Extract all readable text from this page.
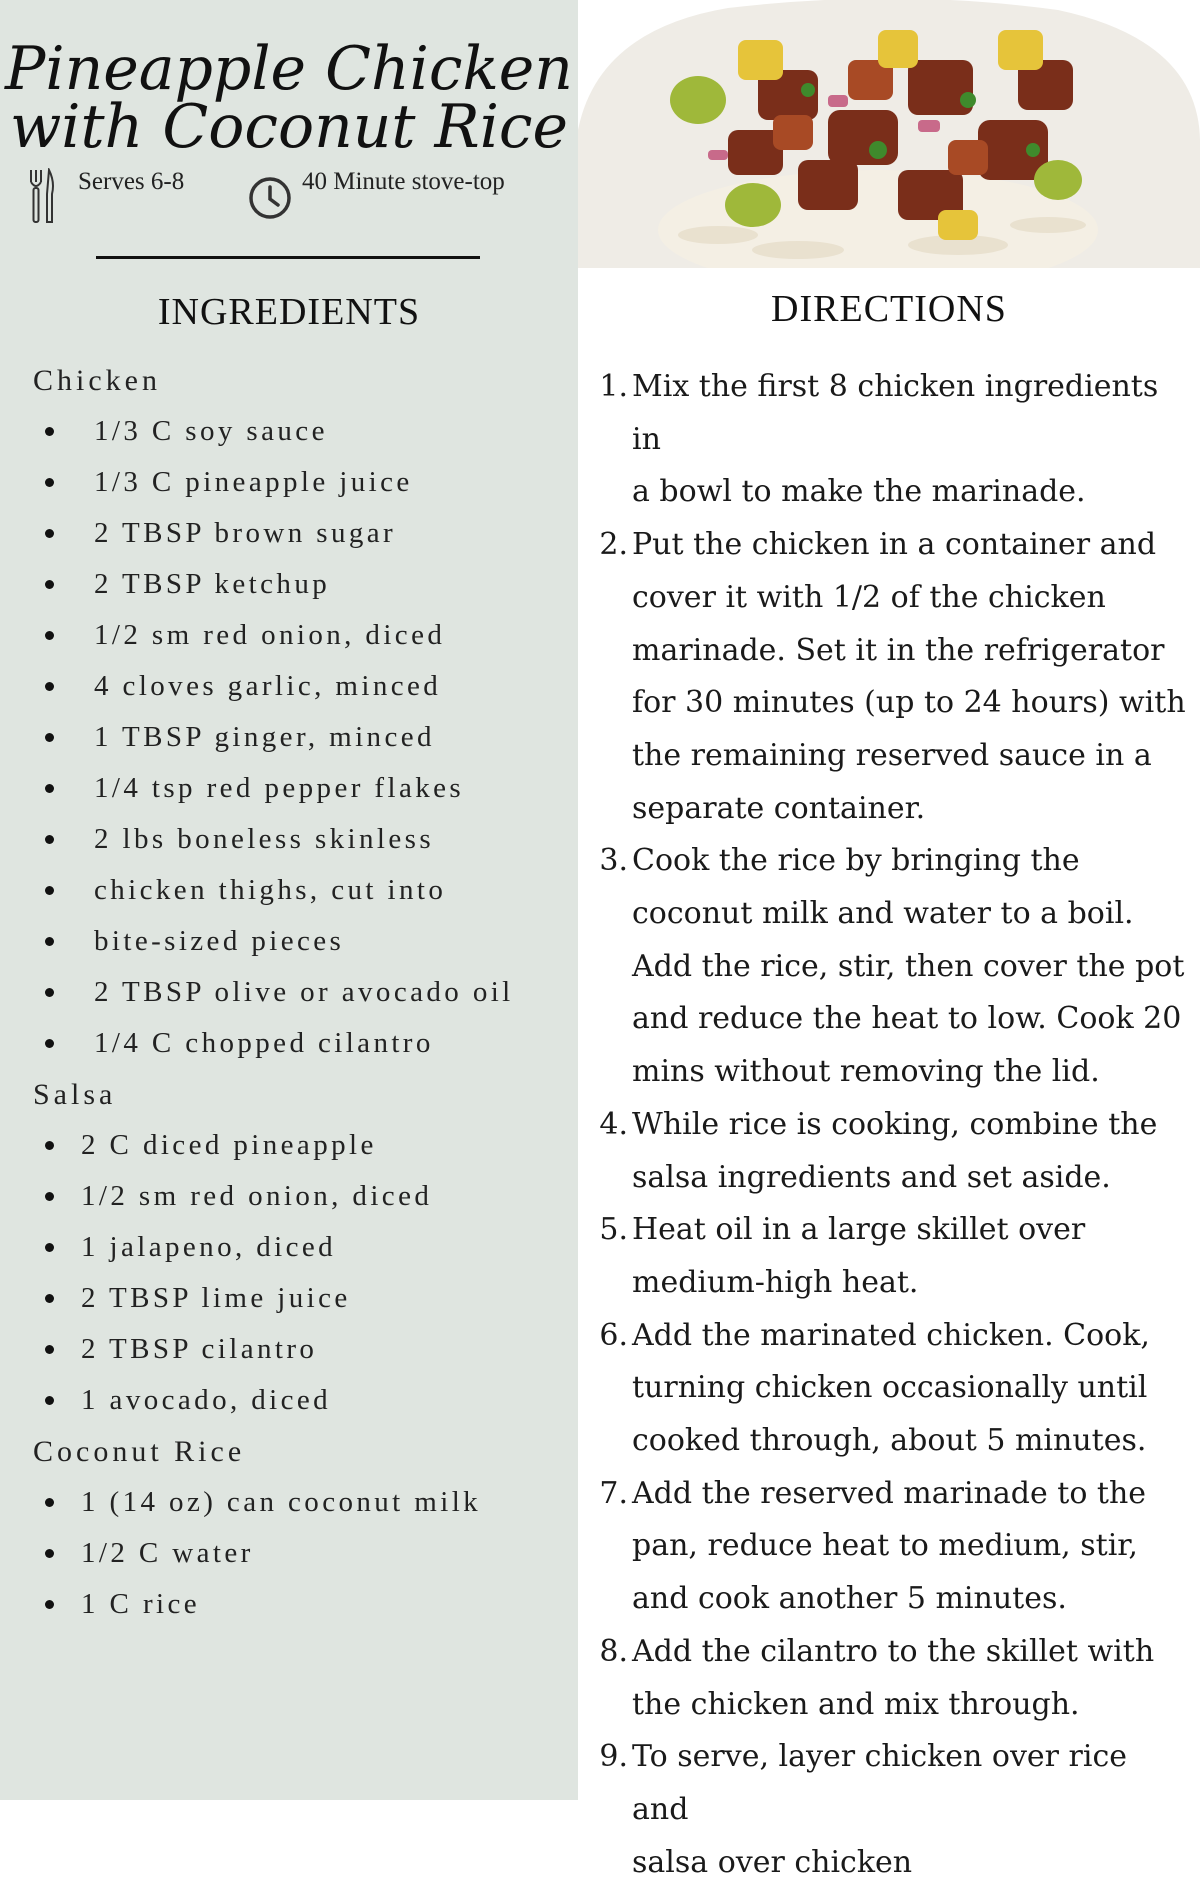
Pineapple Chicken
with Coconut Rice
Serves 6-8	40 Minute stove-top
INGREDIENTS
Chicken
1/3 C soy sauce
1/3 C pineapple juice
2 TBSP brown sugar
2 TBSP ketchup
1/2 sm red onion, diced
4 cloves garlic, minced
1 TBSP ginger, minced
1/4 tsp red pepper flakes
2 lbs boneless skinless
chicken thighs, cut into
bite-sized pieces
2 TBSP olive or avocado oil
1/4 C chopped cilantro
Salsa
2 C diced pineapple
1/2 sm red onion, diced
1 jalapeno, diced
2 TBSP lime juice
2 TBSP cilantro
1 avocado, diced
Coconut Rice
1 (14 oz) can coconut milk
1/2 C water
1 C rice
DIRECTIONS
1. Mix the first 8 chicken ingredients in
a bowl to make the marinade.
2. Put the chicken in a container and
cover it with 1/2 of the chicken
marinade. Set it in the refrigerator
for 30 minutes (up to 24 hours) with
the remaining reserved sauce in a
separate container.
3. Cook the rice by bringing the
coconut milk and water to a boil.
Add the rice, stir, then cover the pot
and reduce the heat to low. Cook 20
mins without removing the lid.
4. While rice is cooking, combine the
salsa ingredients and set aside.
5. Heat oil in a large skillet over
medium-high heat.
6. Add the marinated chicken. Cook,
turning chicken occasionally until
cooked through, about 5 minutes.
7. Add the reserved marinade to the
pan, reduce heat to medium, stir,
and cook another 5 minutes.
8. Add the cilantro to the skillet with
the chicken and mix through.
9. To serve, layer chicken over rice and
salsa over chicken
